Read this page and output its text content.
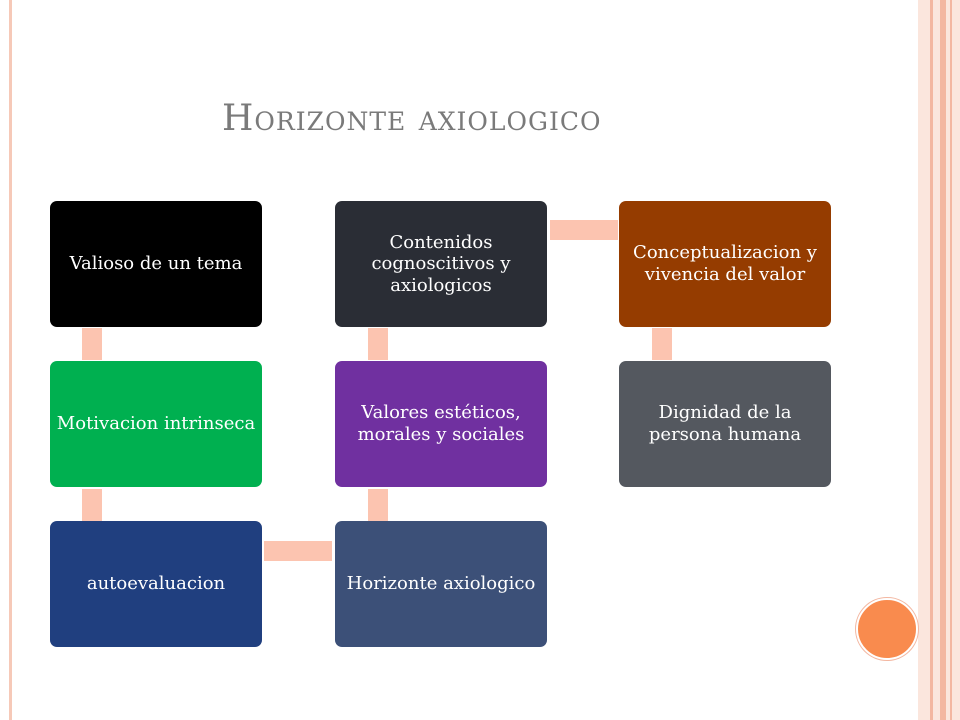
Horizonte axiologico
Valioso de un tema
Motivacion intrinseca
autoevaluacion	Horizonte axiologico
Valores estéticos, morales y sociales
Contenidos cognoscitivos y axiologicos
Conceptualizacion y vivencia del valor
Dignidad de la persona humana
